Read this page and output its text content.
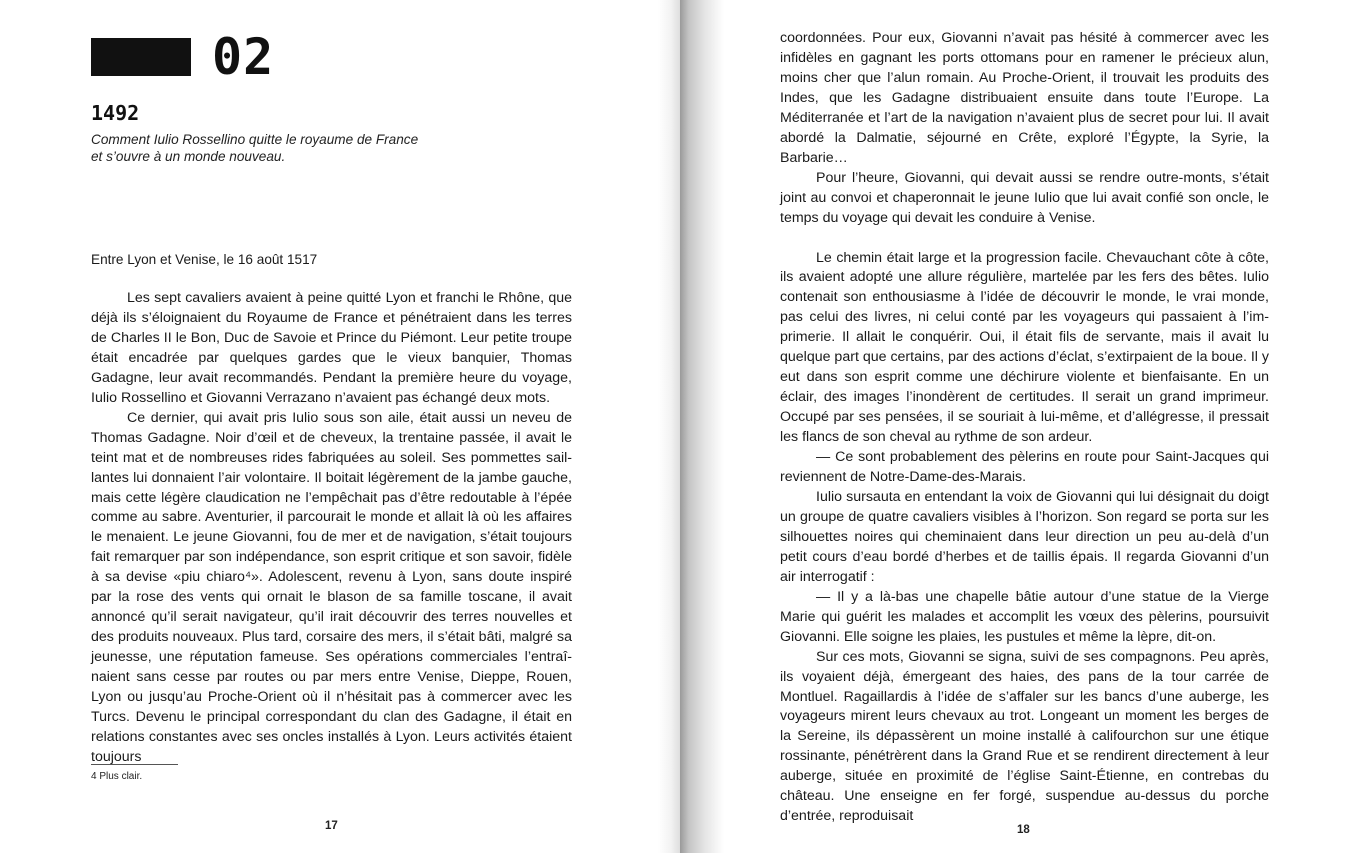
02
1492
Comment Iulio Rossellino quitte le royaume de France
et s’ouvre à un monde nouveau.
Entre Lyon et Venise, le 16 août 1517

Les sept cavaliers avaient à peine quitté Lyon et franchi le Rhône, que déjà ils s’éloignaient du Royaume de France et pénétraient dans les terres de Charles II le Bon, Duc de Savoie et Prince du Piémont. Leur petite troupe était encadrée par quelques gardes que le vieux banquier, Thomas Gadagne, leur avait recommandés. Pendant la première heure du voyage, Iulio Rossellino et Giovanni Verrazano n’avaient pas échangé deux mots.

Ce dernier, qui avait pris Iulio sous son aile, était aussi un neveu de Thomas Gadagne. Noir d’œil et de cheveux, la trentaine passée, il avait le teint mat et de nombreuses rides fabriquées au soleil. Ses pommettes saillantes lui donnaient l’air volontaire. Il boitait légèrement de la jambe gauche, mais cette légère claudication ne l’empêchait pas d’être redoutable à l’épée comme au sabre. Aventurier, il parcourait le monde et allait là où les affaires le menaient. Le jeune Giovanni, fou de mer et de navigation, s’était toujours fait remarquer par son indépendance, son esprit critique et son savoir, fidèle à sa devise «piu chiaro⁴». Adolescent, revenu à Lyon, sans doute inspiré par la rose des vents qui ornait le blason de sa famille toscane, il avait annoncé qu’il serait navigateur, qu’il irait découvrir des terres nouvelles et des produits nouveaux. Plus tard, corsaire des mers, il s’était bâti, malgré sa jeunesse, une réputation fameuse. Ses opérations commerciales l’entraînaient sans cesse par routes ou par mers entre Venise, Dieppe, Rouen, Lyon ou jusqu’au Proche-Orient où il n’hésitait pas à commercer avec les Turcs. Devenu le principal correspondant du clan des Gadagne, il était en relations constantes avec ses oncles installés à Lyon. Leurs activités étaient toujours

4 Plus clair.
17	18

coordonnées. Pour eux, Giovanni n’avait pas hésité à commercer avec les infidèles en gagnant les ports ottomans pour en ramener le précieux alun, moins cher que l’alun romain. Au Proche-Orient, il trouvait les produits des Indes, que les Gadagne distribuaient ensuite dans toute l’Europe. La Méditerranée et l’art de la navigation n’avaient plus de secret pour lui. Il avait abordé la Dalmatie, séjourné en Crête, exploré l’Égypte, la Syrie, la Barbarie…

Pour l’heure, Giovanni, qui devait aussi se rendre outre-monts, s’était joint au convoi et chaperonnait le jeune Iulio que lui avait confié son oncle, le temps du voyage qui devait les conduire à Venise.

Le chemin était large et la progression facile. Chevauchant côte à côte, ils avaient adopté une allure régulière, martelée par les fers des bêtes. Iulio contenait son enthousiasme à l’idée de découvrir le monde, le vrai monde, pas celui des livres, ni celui conté par les voyageurs qui passaient à l’imprimerie. Il allait le conquérir. Oui, il était fils de servante, mais il avait lu quelque part que certains, par des actions d’éclat, s’extirpaient de la boue. Il y eut dans son esprit comme une déchirure violente et bienfaisante. En un éclair, des images l’inondèrent de certitudes. Il serait un grand imprimeur. Occupé par ses pensées, il se souriait à lui-même, et d’allégresse, il pressait les flancs de son cheval au rythme de son ardeur.

— Ce sont probablement des pèlerins en route pour Saint-Jacques qui reviennent de Notre-Dame-des-Marais.

Iulio sursauta en entendant la voix de Giovanni qui lui désignait du doigt un groupe de quatre cavaliers visibles à l’horizon. Son regard se porta sur les silhouettes noires qui cheminaient dans leur direction un peu au-delà d’un petit cours d’eau bordé d’herbes et de taillis épais. Il regarda Giovanni d’un air interrogatif :

— Il y a là-bas une chapelle bâtie autour d’une statue de la Vierge Marie qui guérit les malades et accomplit les vœux des pèlerins, poursuivit Giovanni. Elle soigne les plaies, les pustules et même la lèpre, dit-on.

Sur ces mots, Giovanni se signa, suivi de ses compagnons. Peu après, ils voyaient déjà, émergeant des haies, des pans de la tour carrée de Montluel. Ragaillardis à l’idée de s’affaler sur les bancs d’une auberge, les voyageurs mirent leurs chevaux au trot. Longeant un moment les berges de la Sereine, ils dépassèrent un moine installé à califourchon sur une étique rossinante, pénétrèrent dans la Grand Rue et se rendirent directement à leur auberge, située en proximité de l’église Saint-Étienne, en contrebas du château. Une enseigne en fer forgé, suspendue au-dessus du porche d’entrée, reproduisait
